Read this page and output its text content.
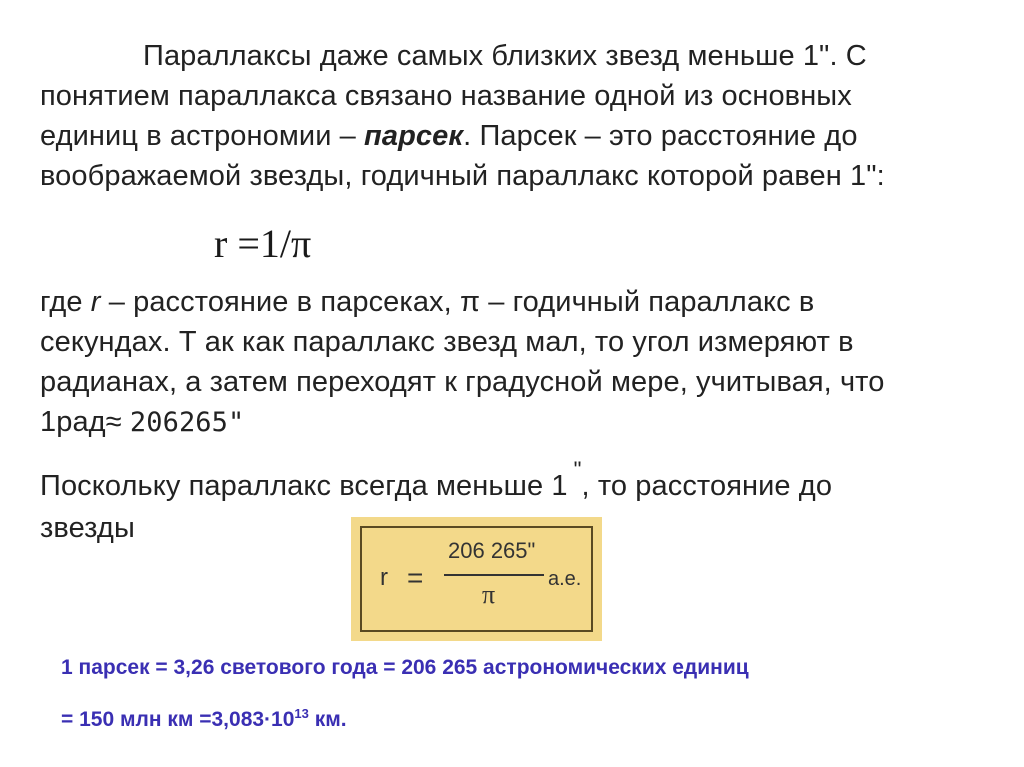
Параллаксы даже самых близких звезд меньше 1". С
понятием параллакса связано название одной из основных
единиц в астрономии – парсек. Парсек – это расстояние до
воображаемой звезды, годичный параллакс которой равен 1":

r =1/π

где r – расстояние в парсеках, π – годичный параллакс в
секундах. Т ак как параллакс звезд мал, то угол измеряют в
радианах, а затем переходят к градусной мере, учитывая, что
1рад≈ 206265"

Поскольку параллакс всегда меньше 1", то расстояние до
звезды

r =
206 265"
π
а.е.
1 парсек = 3,26 светового года = 206 265 астрономических единиц
= 150 млн км $=3,083\cdot 10^{13}$ км.
